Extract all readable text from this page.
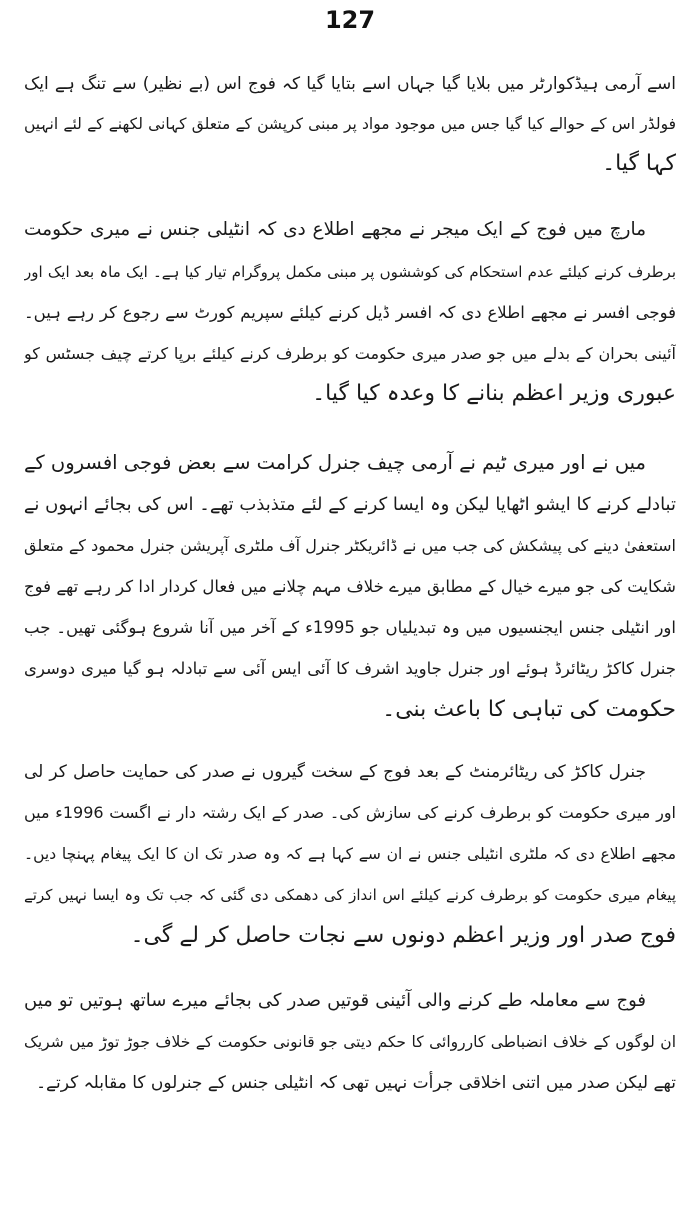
127
اسے آرمی ہیڈکوارٹر میں بلایا گیا جہاں اسے بتایا گیا کہ فوج اس (بے نظیر) سے تنگ ہے ایک
فولڈر اس کے حوالے کیا گیا جس میں موجود مواد پر مبنی کرپشن کے متعلق کہانی لکھنے کے لئے انہیں
کہا گیا۔
مارچ میں فوج کے ایک میجر نے مجھے اطلاع دی کہ انٹیلی جنس نے میری حکومت
برطرف کرنے کیلئے عدم استحکام کی کوششوں پر مبنی مکمل پروگرام تیار کیا ہے۔ ایک ماہ بعد ایک اور
فوجی افسر نے مجھے اطلاع دی کہ افسر ڈیل کرنے کیلئے سپریم کورٹ سے رجوع کر رہے ہیں۔
آئینی بحران کے بدلے میں جو صدر میری حکومت کو برطرف کرنے کیلئے برپا کرتے چیف جسٹس کو
عبوری وزیر اعظم بنانے کا وعدہ کیا گیا۔
میں نے اور میری ٹیم نے آرمی چیف جنرل کرامت سے بعض فوجی افسروں کے
تبادلے کرنے کا ایشو اٹھایا لیکن وہ ایسا کرنے کے لئے متذبذب تھے۔ اس کی بجائے انہوں نے
استعفیٰ دینے کی پیشکش کی جب میں نے ڈائریکٹر جنرل آف ملٹری آپریشن جنرل محمود کے متعلق
شکایت کی جو میرے خیال کے مطابق میرے خلاف مہم چلانے میں فعال کردار ادا کر رہے تھے فوج
اور انٹیلی جنس ایجنسیوں میں وہ تبدیلیاں جو 1995ء کے آخر میں آنا شروع ہوگئی تھیں۔ جب
جنرل کاکڑ ریٹائرڈ ہوئے اور جنرل جاوید اشرف کا آئی ایس آئی سے تبادلہ ہو گیا میری دوسری
حکومت کی تباہی کا باعث بنی۔
جنرل کاکڑ کی ریٹائرمنٹ کے بعد فوج کے سخت گیروں نے صدر کی حمایت حاصل کر لی
اور میری حکومت کو برطرف کرنے کی سازش کی۔ صدر کے ایک رشتہ دار نے اگست 1996ء میں
مجھے اطلاع دی کہ ملٹری انٹیلی جنس نے ان سے کہا ہے کہ وہ صدر تک ان کا ایک پیغام پہنچا دیں۔
پیغام میری حکومت کو برطرف کرنے کیلئے اس انداز کی دھمکی دی گئی کہ جب تک وہ ایسا نہیں کرتے
فوج صدر اور وزیر اعظم دونوں سے نجات حاصل کر لے گی۔
فوج سے معاملہ طے کرنے والی آئینی قوتیں صدر کی بجائے میرے ساتھ ہوتیں تو میں
ان لوگوں کے خلاف انضباطی کارروائی کا حکم دیتی جو قانونی حکومت کے خلاف جوڑ توڑ میں شریک
تھے لیکن صدر میں اتنی اخلاقی جرأت نہیں تھی کہ انٹیلی جنس کے جنرلوں کا مقابلہ کرتے۔
